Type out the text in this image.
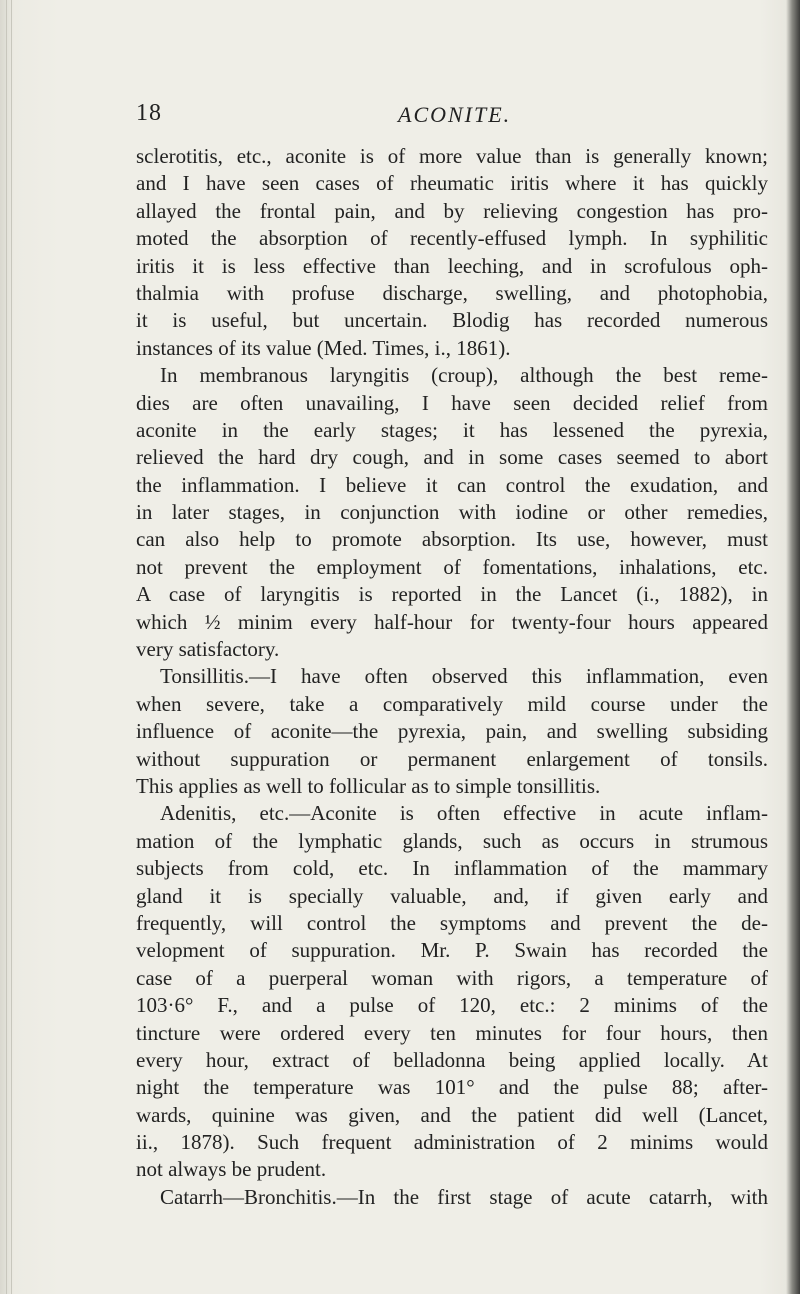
18	ACONITE.
sclerotitis, etc., aconite is of more value than is generally known;
and I have seen cases of rheumatic iritis where it has quickly
allayed the frontal pain, and by relieving congestion has pro-
moted the absorption of recently-effused lymph. In syphilitic
iritis it is less effective than leeching, and in scrofulous oph-
thalmia with profuse discharge, swelling, and photophobia,
it is useful, but uncertain. Blodig has recorded numerous
instances of its value (Med. Times, i., 1861).
In membranous laryngitis (croup), although the best reme-
dies are often unavailing, I have seen decided relief from
aconite in the early stages; it has lessened the pyrexia,
relieved the hard dry cough, and in some cases seemed to abort
the inflammation. I believe it can control the exudation, and
in later stages, in conjunction with iodine or other remedies,
can also help to promote absorption. Its use, however, must
not prevent the employment of fomentations, inhalations, etc.
A case of laryngitis is reported in the Lancet (i., 1882), in
which ½ minim every half-hour for twenty-four hours appeared
very satisfactory.
Tonsillitis.—I have often observed this inflammation, even
when severe, take a comparatively mild course under the
influence of aconite—the pyrexia, pain, and swelling subsiding
without suppuration or permanent enlargement of tonsils.
This applies as well to follicular as to simple tonsillitis.
Adenitis, etc.—Aconite is often effective in acute inflam-
mation of the lymphatic glands, such as occurs in strumous
subjects from cold, etc. In inflammation of the mammary
gland it is specially valuable, and, if given early and
frequently, will control the symptoms and prevent the de-
velopment of suppuration. Mr. P. Swain has recorded the
case of a puerperal woman with rigors, a temperature of
103·6° F., and a pulse of 120, etc.: 2 minims of the
tincture were ordered every ten minutes for four hours, then
every hour, extract of belladonna being applied locally. At
night the temperature was 101° and the pulse 88; after-
wards, quinine was given, and the patient did well (Lancet,
ii., 1878). Such frequent administration of 2 minims would
not always be prudent.
Catarrh—Bronchitis.—In the first stage of acute catarrh, with
